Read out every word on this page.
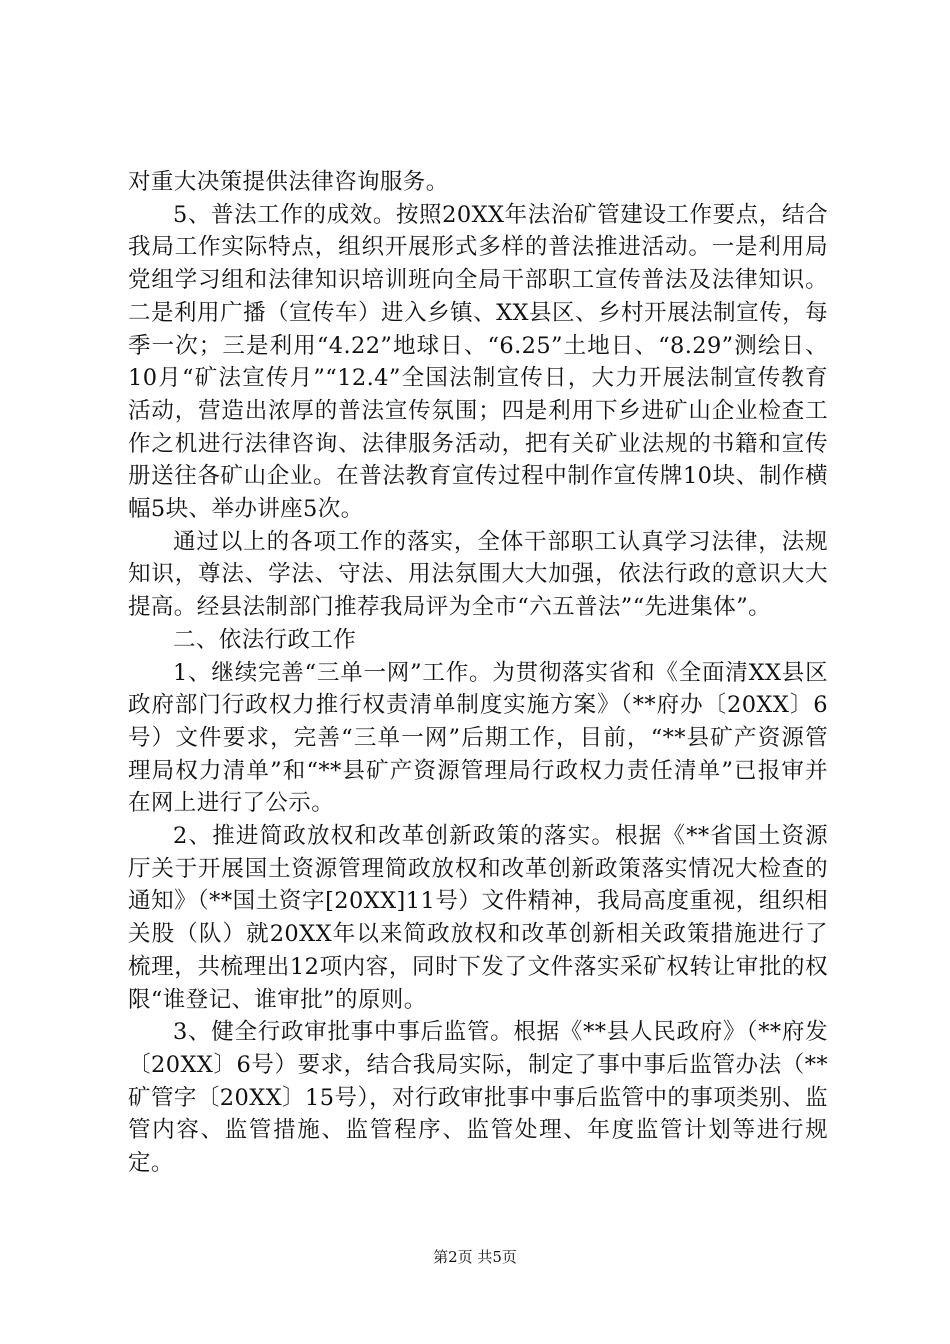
对重大决策提供法律咨询服务。

5、普法工作的成效。按照20XX年法治矿管建设工作要点，结合我局工作实际特点，组织开展形式多样的普法推进活动。一是利用局党组学习组和法律知识培训班向全局干部职工宣传普法及法律知识。二是利用广播（宣传车）进入乡镇、XX县区、乡村开展法制宣传，每季一次；三是利用“4.22”地球日、“6.25”土地日、“8.29”测绘日、10月“矿法宣传月”“12.4”全国法制宣传日，大力开展法制宣传教育活动，营造出浓厚的普法宣传氛围；四是利用下乡进矿山企业检查工作之机进行法律咨询、法律服务活动，把有关矿业法规的书籍和宣传册送往各矿山企业。在普法教育宣传过程中制作宣传牌10块、制作横幅5块、举办讲座5次。

通过以上的各项工作的落实，全体干部职工认真学习法律，法规知识，尊法、学法、守法、用法氛围大大加强，依法行政的意识大大提高。经县法制部门推荐我局评为全市“六五普法”“先进集体”。

二、依法行政工作

1、继续完善“三单一网”工作。为贯彻落实省和《全面清XX县区政府部门行政权力推行权责清单制度实施方案》（**府办〔20XX〕6号）文件要求，完善“三单一网”后期工作，目前，“**县矿产资源管理局权力清单”和“**县矿产资源管理局行政权力责任清单”已报审并在网上进行了公示。

2、推进简政放权和改革创新政策的落实。根据《**省国土资源厅关于开展国土资源管理简政放权和改革创新政策落实情况大检查的通知》（**国土资字[20XX]11号）文件精神，我局高度重视，组织相关股（队）就20XX年以来简政放权和改革创新相关政策措施进行了梳理，共梳理出12项内容，同时下发了文件落实采矿权转让审批的权限“谁登记、谁审批”的原则。

3、健全行政审批事中事后监管。根据《**县人民政府》（**府发〔20XX〕6号）要求，结合我局实际，制定了事中事后监管办法（**矿管字〔20XX〕15号），对行政审批事中事后监管中的事项类别、监管内容、监管措施、监管程序、监管处理、年度监管计划等进行规定。

第2页 共5页
